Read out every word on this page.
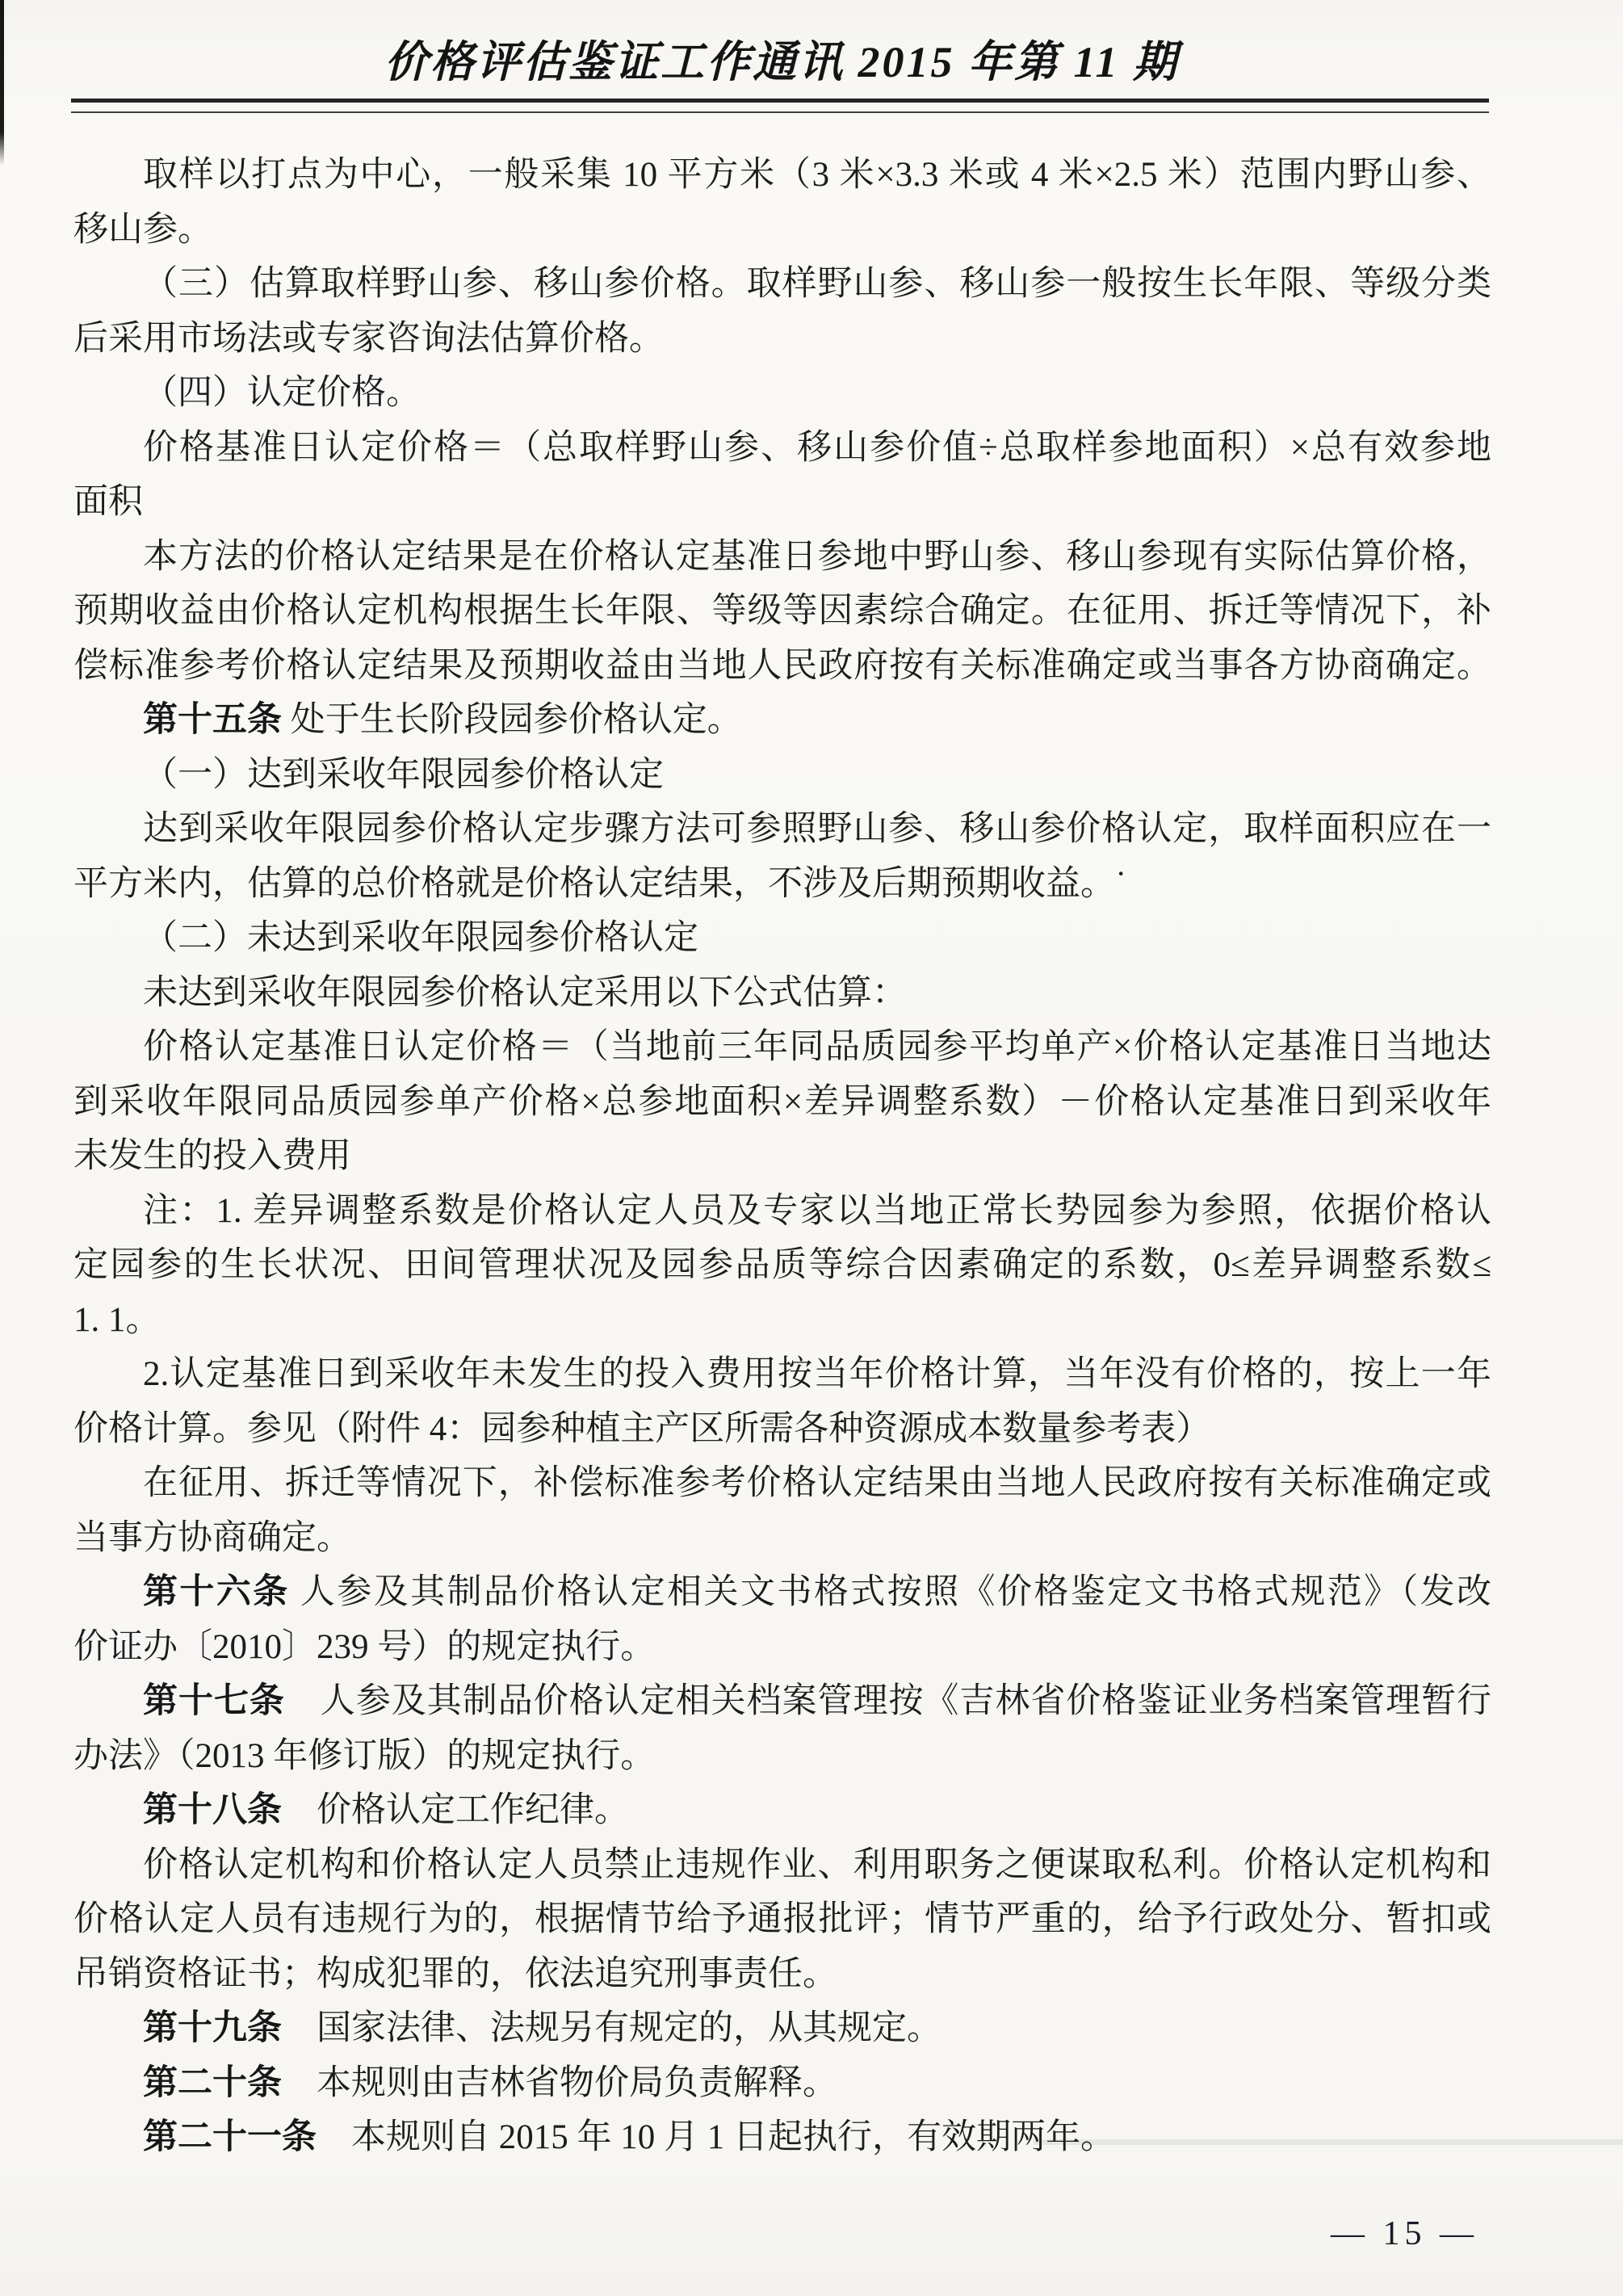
价格评估鉴证工作通讯 2015 年第 11 期
取样以打点为中心，一般采集 10 平方米（3 米×3.3 米或 4 米×2.5 米）范围内野山参、
移山参。
（三）估算取样野山参、移山参价格。取样野山参、移山参一般按生长年限、等级分类
后采用市场法或专家咨询法估算价格。
（四）认定价格。
价格基准日认定价格＝（总取样野山参、移山参价值÷总取样参地面积）×总有效参地
面积
本方法的价格认定结果是在价格认定基准日参地中野山参、移山参现有实际估算价格，
预期收益由价格认定机构根据生长年限、等级等因素综合确定。在征用、拆迁等情况下，补
偿标准参考价格认定结果及预期收益由当地人民政府按有关标准确定或当事各方协商确定。
第十五条 处于生长阶段园参价格认定。
（一）达到采收年限园参价格认定
达到采收年限园参价格认定步骤方法可参照野山参、移山参价格认定，取样面积应在一
平方米内，估算的总价格就是价格认定结果，不涉及后期预期收益。˙
（二）未达到采收年限园参价格认定
未达到采收年限园参价格认定采用以下公式估算：
价格认定基准日认定价格＝（当地前三年同品质园参平均单产×价格认定基准日当地达
到采收年限同品质园参单产价格×总参地面积×差异调整系数）－价格认定基准日到采收年
未发生的投入费用
注：1. 差异调整系数是价格认定人员及专家以当地正常长势园参为参照，依据价格认
定园参的生长状况、田间管理状况及园参品质等综合因素确定的系数，0≤差异调整系数≤
1. 1。
2.认定基准日到采收年未发生的投入费用按当年价格计算，当年没有价格的，按上一年
价格计算。参见（附件 4：园参种植主产区所需各种资源成本数量参考表）
在征用、拆迁等情况下，补偿标准参考价格认定结果由当地人民政府按有关标准确定或
当事方协商确定。
第十六条 人参及其制品价格认定相关文书格式按照《价格鉴定文书格式规范》（发改
价证办〔2010〕239 号）的规定执行。
第十七条　人参及其制品价格认定相关档案管理按《吉林省价格鉴证业务档案管理暂行
办法》（2013 年修订版）的规定执行。
第十八条　价格认定工作纪律。
价格认定机构和价格认定人员禁止违规作业、利用职务之便谋取私利。价格认定机构和
价格认定人员有违规行为的，根据情节给予通报批评；情节严重的，给予行政处分、暂扣或
吊销资格证书；构成犯罪的，依法追究刑事责任。
第十九条　国家法律、法规另有规定的，从其规定。
第二十条　本规则由吉林省物价局负责解释。
第二十一条　本规则自 2015 年 10 月 1 日起执行，有效期两年。
— 15 —
